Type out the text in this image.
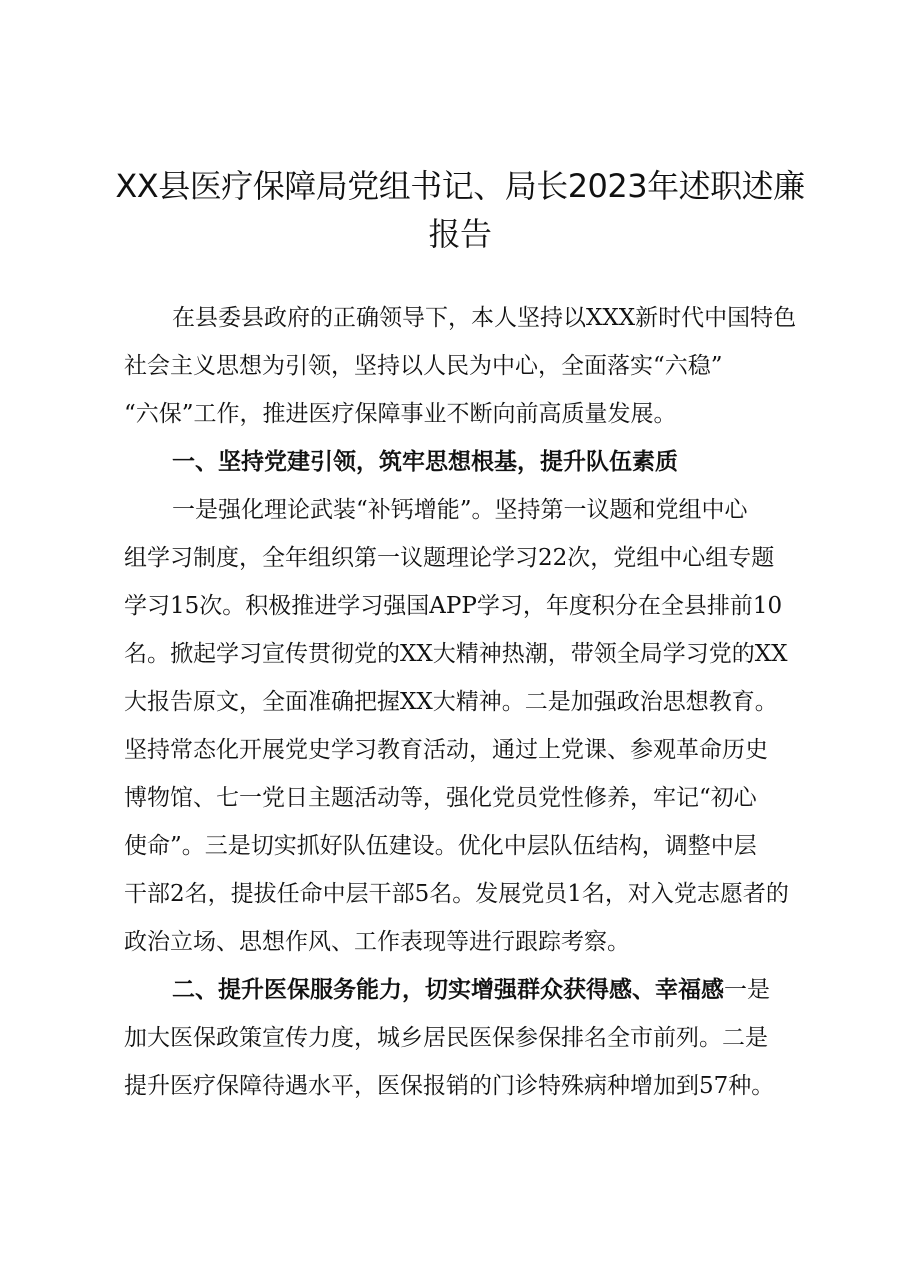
XX县医疗保障局党组书记、局长2023年述职述廉报告

在县委县政府的正确领导下，本人坚持以XXX新时代中国特色

社会主义思想为引领，坚持以人民为中心，全面落实“六稳”

“六保”工作，推进医疗保障事业不断向前高质量发展。

一、坚持党建引领，筑牢思想根基，提升队伍素质

一是强化理论武装“补钙增能”。坚持第一议题和党组中心

组学习制度，全年组织第一议题理论学习22次，党组中心组专题

学习15次。积极推进学习强国APP学习，年度积分在全县排前10

名。掀起学习宣传贯彻党的XX大精神热潮，带领全局学习党的XX

大报告原文，全面准确把握XX大精神。二是加强政治思想教育。

坚持常态化开展党史学习教育活动，通过上党课、参观革命历史

博物馆、七一党日主题活动等，强化党员党性修养，牢记“初心

使命”。三是切实抓好队伍建设。优化中层队伍结构，调整中层

干部2名，提拔任命中层干部5名。发展党员1名，对入党志愿者的

政治立场、思想作风、工作表现等进行跟踪考察。

二、提升医保服务能力，切实增强群众获得感、幸福感一是

加大医保政策宣传力度，城乡居民医保参保排名全市前列。二是

提升医疗保障待遇水平，医保报销的门诊特殊病种增加到57种。
